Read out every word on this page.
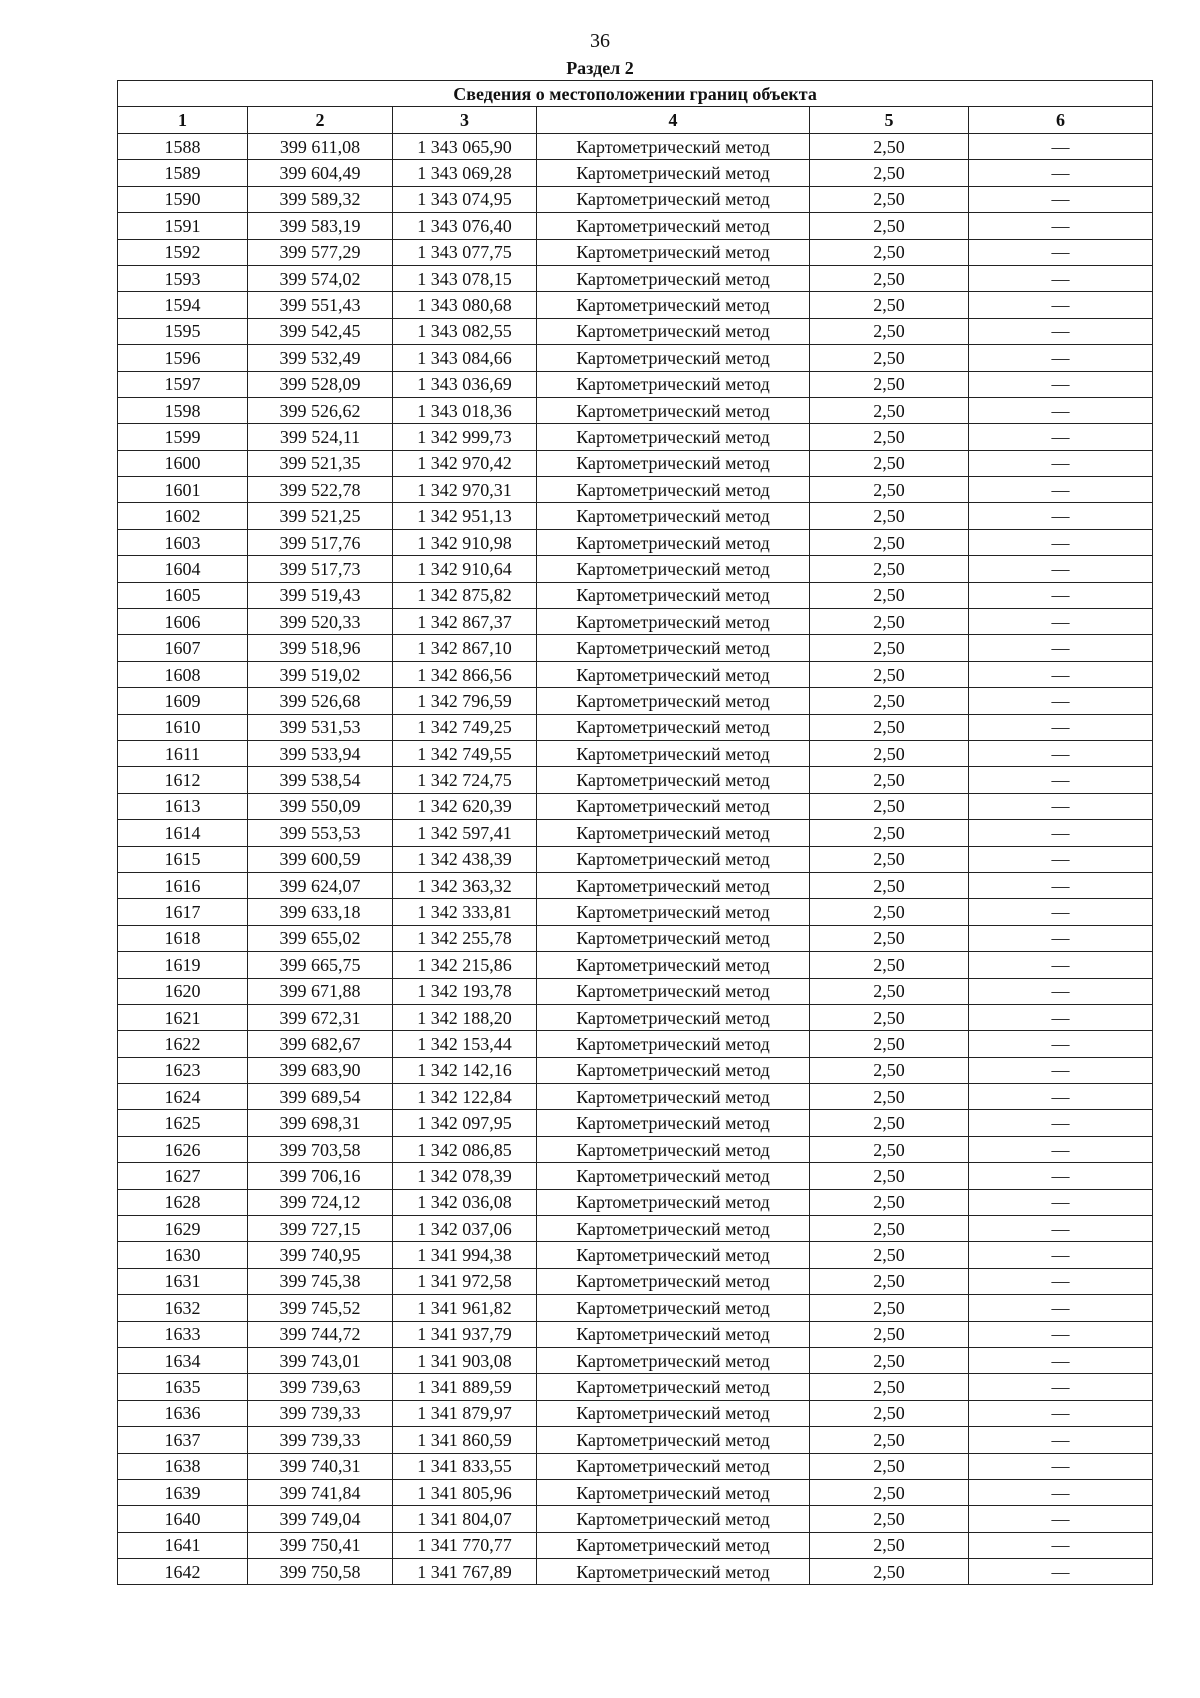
36
Раздел 2
Сведения о местоположении границ объекта					
1	2	3	4	5	6
1588	399 611,08	1 343 065,90	Картометрический метод	2,50	—
1589	399 604,49	1 343 069,28	Картометрический метод	2,50	—
1590	399 589,32	1 343 074,95	Картометрический метод	2,50	—
1591	399 583,19	1 343 076,40	Картометрический метод	2,50	—
1592	399 577,29	1 343 077,75	Картометрический метод	2,50	—
1593	399 574,02	1 343 078,15	Картометрический метод	2,50	—
1594	399 551,43	1 343 080,68	Картометрический метод	2,50	—
1595	399 542,45	1 343 082,55	Картометрический метод	2,50	—
1596	399 532,49	1 343 084,66	Картометрический метод	2,50	—
1597	399 528,09	1 343 036,69	Картометрический метод	2,50	—
1598	399 526,62	1 343 018,36	Картометрический метод	2,50	—
1599	399 524,11	1 342 999,73	Картометрический метод	2,50	—
1600	399 521,35	1 342 970,42	Картометрический метод	2,50	—
1601	399 522,78	1 342 970,31	Картометрический метод	2,50	—
1602	399 521,25	1 342 951,13	Картометрический метод	2,50	—
1603	399 517,76	1 342 910,98	Картометрический метод	2,50	—
1604	399 517,73	1 342 910,64	Картометрический метод	2,50	—
1605	399 519,43	1 342 875,82	Картометрический метод	2,50	—
1606	399 520,33	1 342 867,37	Картометрический метод	2,50	—
1607	399 518,96	1 342 867,10	Картометрический метод	2,50	—
1608	399 519,02	1 342 866,56	Картометрический метод	2,50	—
1609	399 526,68	1 342 796,59	Картометрический метод	2,50	—
1610	399 531,53	1 342 749,25	Картометрический метод	2,50	—
1611	399 533,94	1 342 749,55	Картометрический метод	2,50	—
1612	399 538,54	1 342 724,75	Картометрический метод	2,50	—
1613	399 550,09	1 342 620,39	Картометрический метод	2,50	—
1614	399 553,53	1 342 597,41	Картометрический метод	2,50	—
1615	399 600,59	1 342 438,39	Картометрический метод	2,50	—
1616	399 624,07	1 342 363,32	Картометрический метод	2,50	—
1617	399 633,18	1 342 333,81	Картометрический метод	2,50	—
1618	399 655,02	1 342 255,78	Картометрический метод	2,50	—
1619	399 665,75	1 342 215,86	Картометрический метод	2,50	—
1620	399 671,88	1 342 193,78	Картометрический метод	2,50	—
1621	399 672,31	1 342 188,20	Картометрический метод	2,50	—
1622	399 682,67	1 342 153,44	Картометрический метод	2,50	—
1623	399 683,90	1 342 142,16	Картометрический метод	2,50	—
1624	399 689,54	1 342 122,84	Картометрический метод	2,50	—
1625	399 698,31	1 342 097,95	Картометрический метод	2,50	—
1626	399 703,58	1 342 086,85	Картометрический метод	2,50	—
1627	399 706,16	1 342 078,39	Картометрический метод	2,50	—
1628	399 724,12	1 342 036,08	Картометрический метод	2,50	—
1629	399 727,15	1 342 037,06	Картометрический метод	2,50	—
1630	399 740,95	1 341 994,38	Картометрический метод	2,50	—
1631	399 745,38	1 341 972,58	Картометрический метод	2,50	—
1632	399 745,52	1 341 961,82	Картометрический метод	2,50	—
1633	399 744,72	1 341 937,79	Картометрический метод	2,50	—
1634	399 743,01	1 341 903,08	Картометрический метод	2,50	—
1635	399 739,63	1 341 889,59	Картометрический метод	2,50	—
1636	399 739,33	1 341 879,97	Картометрический метод	2,50	—
1637	399 739,33	1 341 860,59	Картометрический метод	2,50	—
1638	399 740,31	1 341 833,55	Картометрический метод	2,50	—
1639	399 741,84	1 341 805,96	Картометрический метод	2,50	—
1640	399 749,04	1 341 804,07	Картометрический метод	2,50	—
1641	399 750,41	1 341 770,77	Картометрический метод	2,50	—
1642	399 750,58	1 341 767,89	Картометрический метод	2,50	—
